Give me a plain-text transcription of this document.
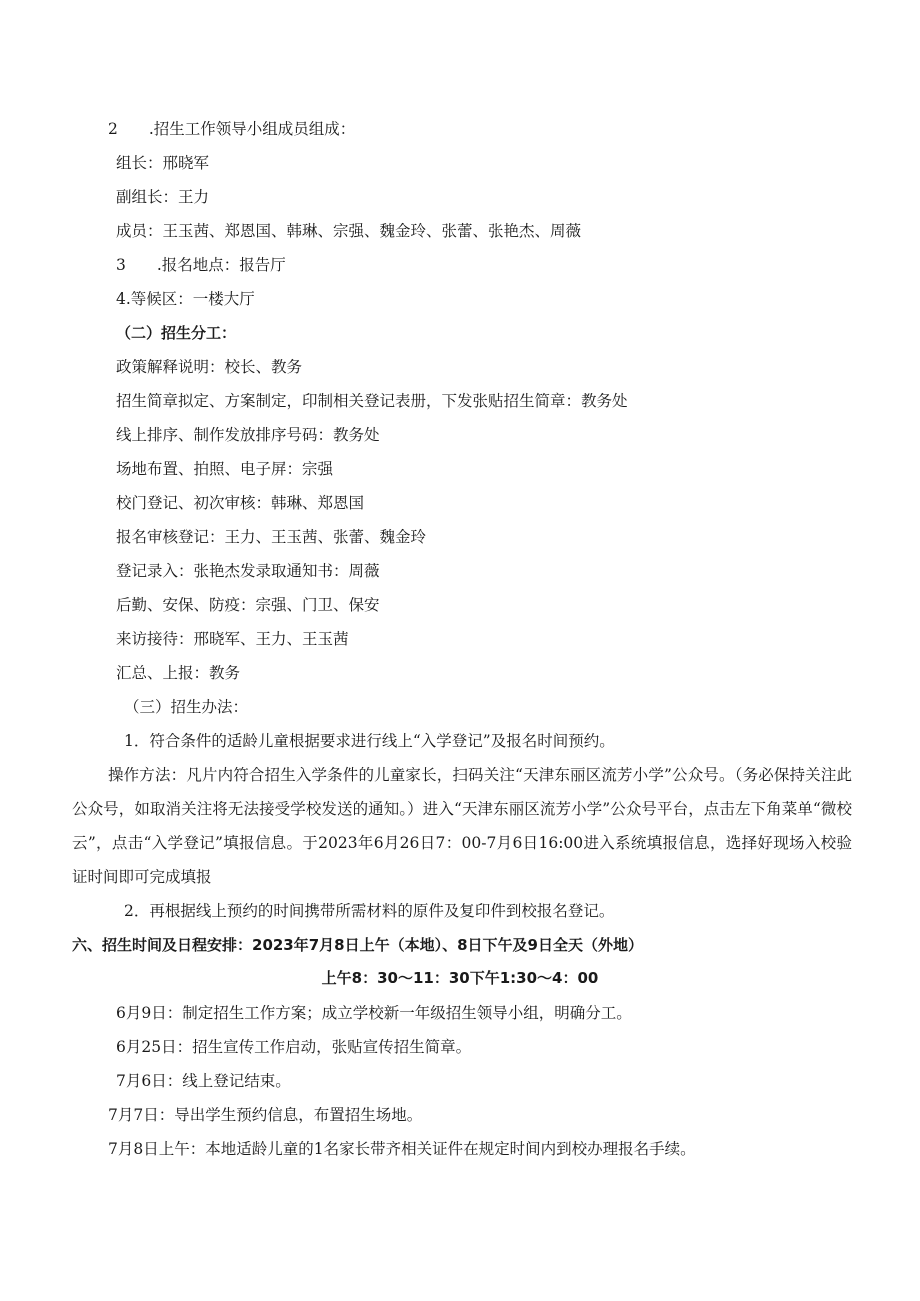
2　　.招生工作领导小组成员组成：
组长：邢晓军
副组长：王力
成员：王玉茜、郑恩国、韩琳、宗强、魏金玲、张蕾、张艳杰、周薇
3　　.报名地点：报告厅
4.等候区：一楼大厅
（二）招生分工：
政策解释说明：校长、教务
招生简章拟定、方案制定，印制相关登记表册，下发张贴招生简章：教务处
线上排序、制作发放排序号码：教务处
场地布置、拍照、电子屏：宗强
校门登记、初次审核：韩琳、郑恩国
报名审核登记：王力、王玉茜、张蕾、魏金玲
登记录入：张艳杰发录取通知书：周薇
后勤、安保、防疫：宗强、门卫、保安
来访接待：邢晓军、王力、王玉茜
汇总、上报：教务
（三）招生办法：
1．符合条件的适龄儿童根据要求进行线上“入学登记”及报名时间预约。
操作方法：凡片内符合招生入学条件的儿童家长，扫码关注“天津东丽区流芳小学”公众号。（务必保持关注此公众号，如取消关注将无法接受学校发送的通知。）进入“天津东丽区流芳小学”公众号平台，点击左下角菜单“微校云”，点击“入学登记”填报信息。于2023年6月26日7：00-7月6日16:00进入系统填报信息，选择好现场入校验证时间即可完成填报
2．再根据线上预约的时间携带所需材料的原件及复印件到校报名登记。
六、招生时间及日程安排：2023年7月8日上午（本地）、8日下午及9日全天（外地）
上午8：30〜11：30下午1:30〜4：00
6月9日：制定招生工作方案；成立学校新一年级招生领导小组，明确分工。
6月25日：招生宣传工作启动，张贴宣传招生简章。
7月6日：线上登记结束。
7月7日：导出学生预约信息，布置招生场地。
7月8日上午：本地适龄儿童的1名家长带齐相关证件在规定时间内到校办理报名手续。
